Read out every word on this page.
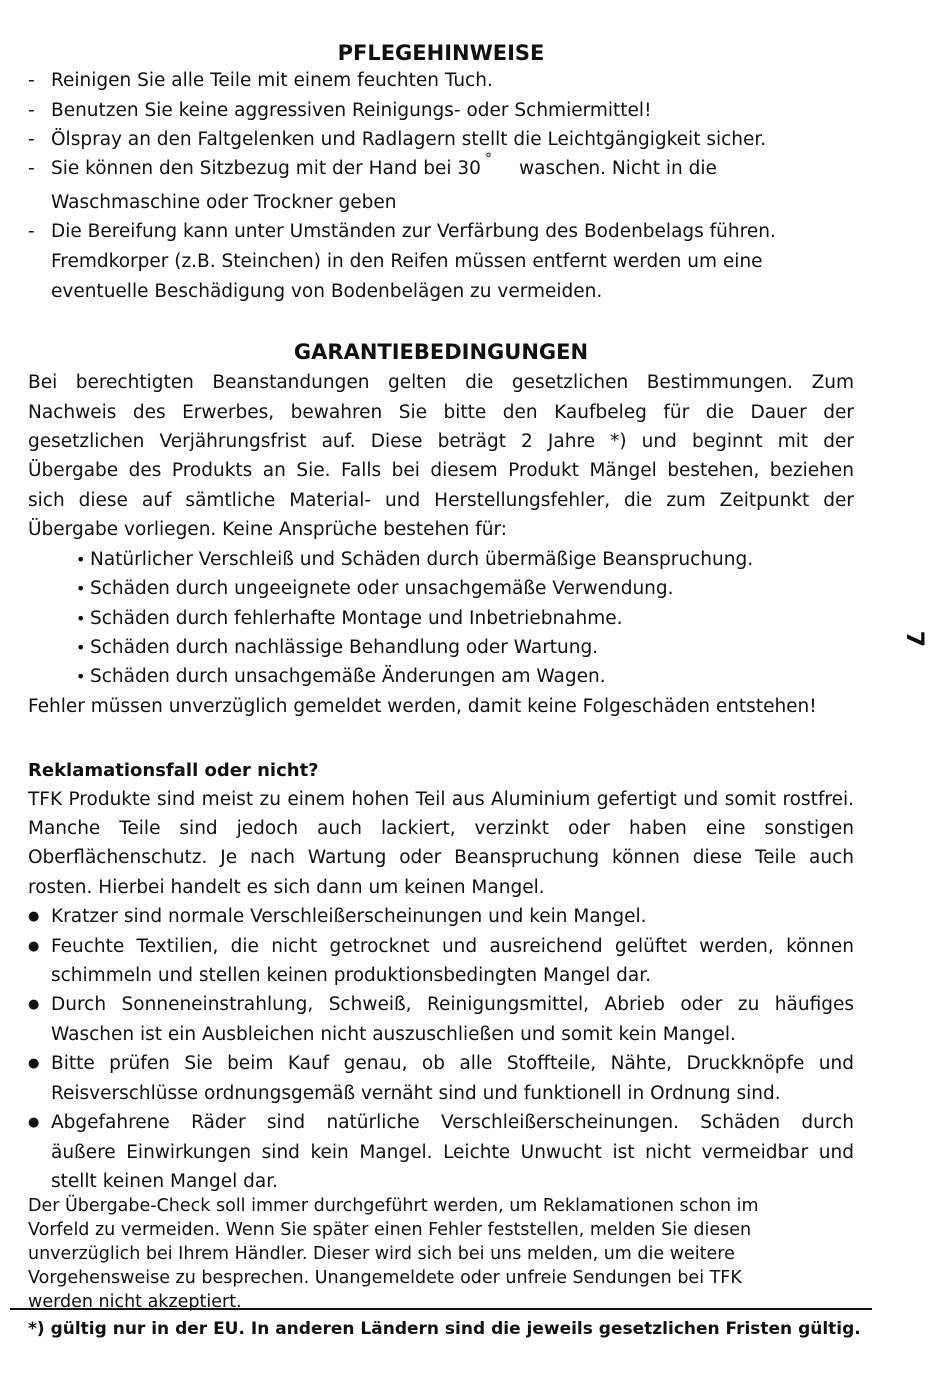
PFLEGEHINWEISE
- Reinigen Sie alle Teile mit einem feuchten Tuch.
- Benutzen Sie keine aggressiven Reinigungs- oder Schmiermittel!
- Ölspray an den Faltgelenken und Radlagern stellt die Leichtgängigkeit sicher.
- Sie können den Sitzbezug mit der Hand bei 30 ° waschen. Nicht in die
Waschmaschine oder Trockner geben
- Die Bereifung kann unter Umständen zur Verfärbung des Bodenbelags führen.
Fremdkorper (z.B. Steinchen) in den Reifen müssen entfernt werden um eine
eventuelle Beschädigung von Bodenbelägen zu vermeiden.
GARANTIEBEDINGUNGEN
Bei berechtigten Beanstandungen gelten die gesetzlichen Bestimmungen. Zum
Nachweis des Erwerbes, bewahren Sie bitte den Kaufbeleg für die Dauer der
gesetzlichen Verjährungsfrist auf. Diese beträgt 2 Jahre *) und beginnt mit der
Übergabe des Produkts an Sie. Falls bei diesem Produkt Mängel bestehen, beziehen
sich diese auf sämtliche Material- und Herstellungsfehler, die zum Zeitpunkt der
Übergabe vorliegen. Keine Ansprüche bestehen für:
• Natürlicher Verschleiß und Schäden durch übermäßige Beanspruchung.
• Schäden durch ungeeignete oder unsachgemäße Verwendung.
• Schäden durch fehlerhafte Montage und Inbetriebnahme.
• Schäden durch nachlässige Behandlung oder Wartung.
• Schäden durch unsachgemäße Änderungen am Wagen.
Fehler müssen unverzüglich gemeldet werden, damit keine Folgeschäden entstehen!
Reklamationsfall oder nicht?
TFK Produkte sind meist zu einem hohen Teil aus Aluminium gefertigt und somit rostfrei.
Manche Teile sind jedoch auch lackiert, verzinkt oder haben eine sonstigen
Oberflächenschutz. Je nach Wartung oder Beanspruchung können diese Teile auch
rosten. Hierbei handelt es sich dann um keinen Mangel.
● Kratzer sind normale Verschleißerscheinungen und kein Mangel.
● Feuchte Textilien, die nicht getrocknet und ausreichend gelüftet werden, können
schimmeln und stellen keinen produktionsbedingten Mangel dar.
● Durch Sonneneinstrahlung, Schweiß, Reinigungsmittel, Abrieb oder zu häufiges
Waschen ist ein Ausbleichen nicht auszuschließen und somit kein Mangel.
● Bitte prüfen Sie beim Kauf genau, ob alle Stoffteile, Nähte, Druckknöpfe und
Reisverschlüsse ordnungsgemäß vernäht sind und funktionell in Ordnung sind.
● Abgefahrene Räder sind natürliche Verschleißerscheinungen. Schäden durch
äußere Einwirkungen sind kein Mangel. Leichte Unwucht ist nicht vermeidbar und
stellt keinen Mangel dar.
Der Übergabe-Check soll immer durchgeführt werden, um Reklamationen schon im
Vorfeld zu vermeiden. Wenn Sie später einen Fehler feststellen, melden Sie diesen
unverzüglich bei Ihrem Händler. Dieser wird sich bei uns melden, um die weitere
Vorgehensweise zu besprechen. Unangemeldete oder unfreie Sendungen bei TFK
werden nicht akzeptiert.
*) gültig nur in der EU. In anderen Ländern sind die jeweils gesetzlichen Fristen gültig.
7
